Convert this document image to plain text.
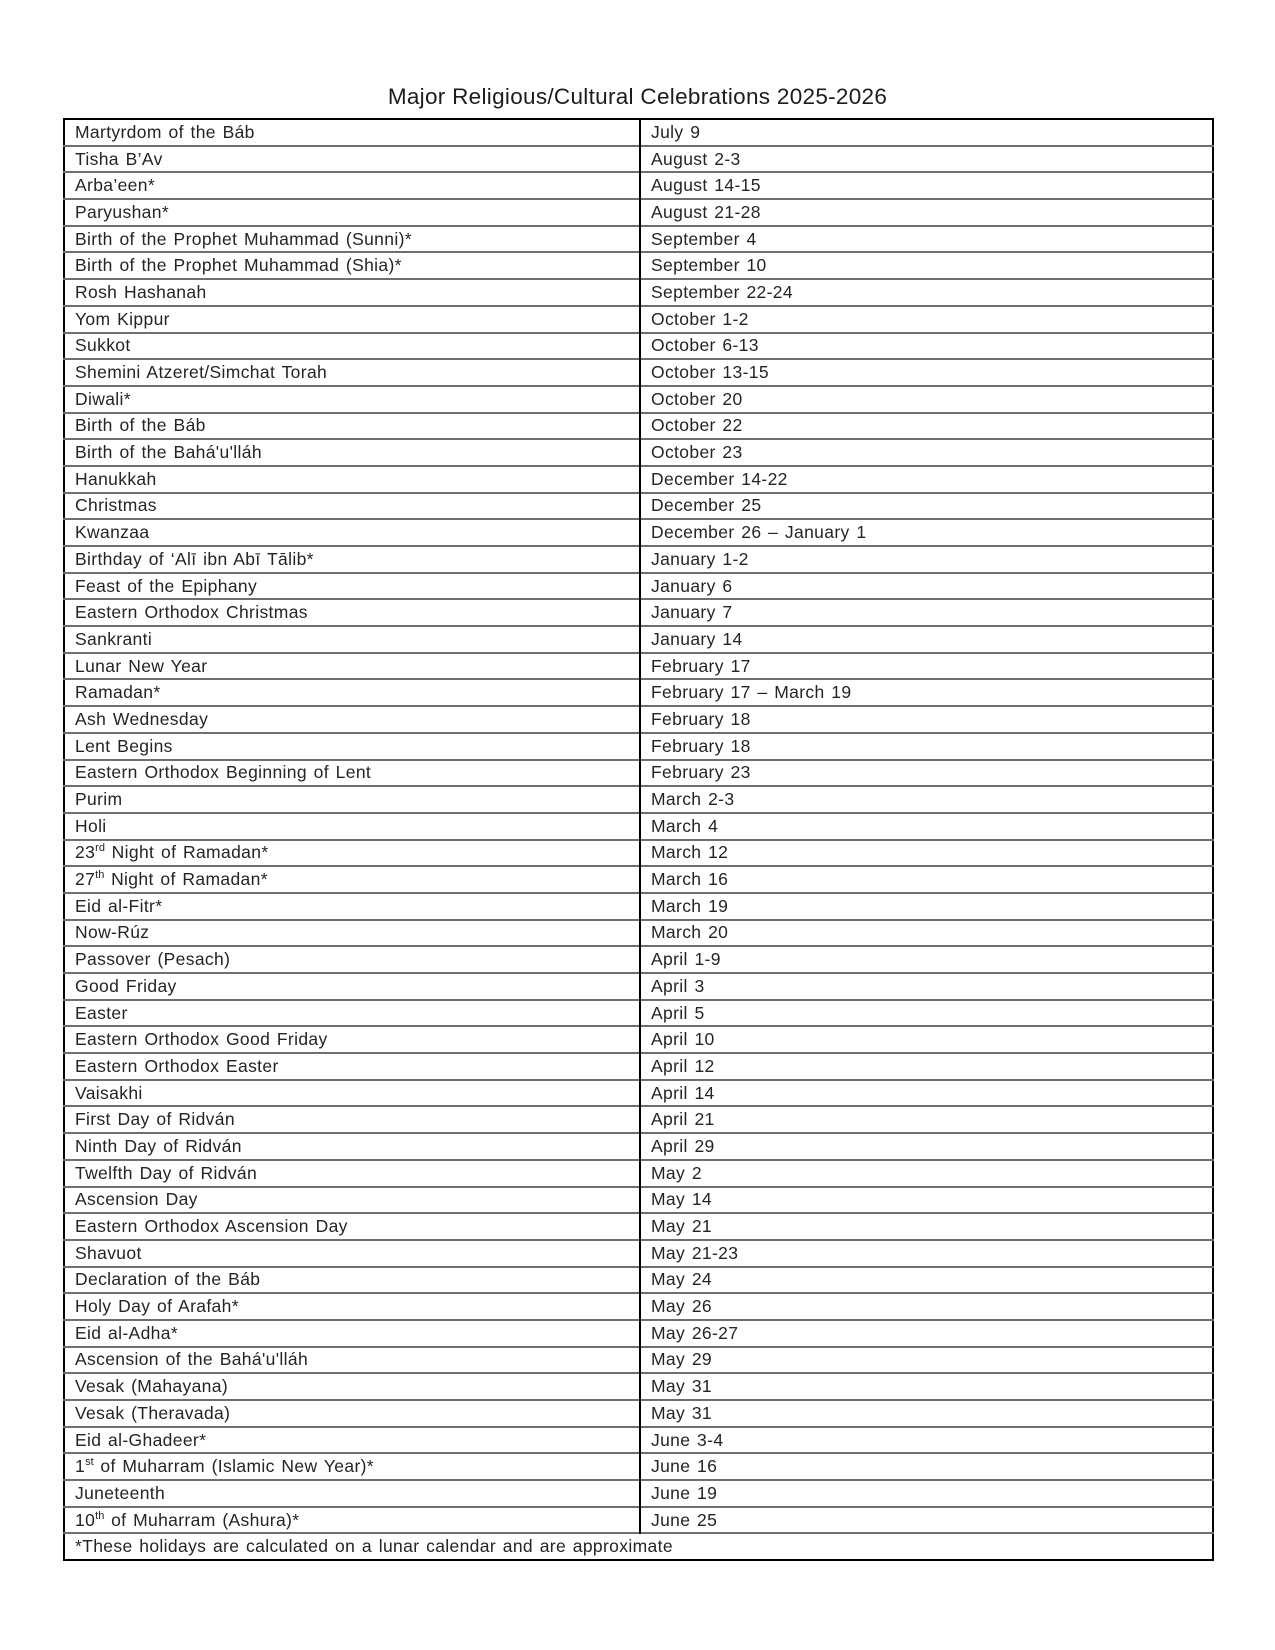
Major Religious/Cultural Celebrations 2025-2026
Martyrdom of the Báb	July 9
Tisha B’Av	August 2-3
Arba’een*	August 14-15
Paryushan*	August 21-28
Birth of the Prophet Muhammad (Sunni)*	September 4
Birth of the Prophet Muhammad (Shia)*	September 10
Rosh Hashanah	September 22-24
Yom Kippur	October 1-2
Sukkot	October 6-13
Shemini Atzeret/Simchat Torah	October 13-15
Diwali*	October 20
Birth of the Báb	October 22
Birth of the Bahá'u'lláh	October 23
Hanukkah	December 14-22
Christmas	December 25
Kwanzaa	December 26 – January 1
Birthday of ‘Alī ibn Abī Tālib*	January 1-2
Feast of the Epiphany	January 6
Eastern Orthodox Christmas	January 7
Sankranti	January 14
Lunar New Year	February 17
Ramadan*	February 17 – March 19
Ash Wednesday	February 18
Lent Begins	February 18
Eastern Orthodox Beginning of Lent	February 23
Purim	March 2-3
Holi	March 4
23rd Night of Ramadan*	March 12
27th Night of Ramadan*	March 16
Eid al-Fitr*	March 19
Now-Rúz	March 20
Passover (Pesach)	April 1-9
Good Friday	April 3
Easter	April 5
Eastern Orthodox Good Friday	April 10
Eastern Orthodox Easter	April 12
Vaisakhi	April 14
First Day of Ridván	April 21
Ninth Day of Ridván	April 29
Twelfth Day of Ridván	May 2
Ascension Day	May 14
Eastern Orthodox Ascension Day	May 21
Shavuot	May 21-23
Declaration of the Báb	May 24
Holy Day of Arafah*	May 26
Eid al-Adha*	May 26-27
Ascension of the Bahá'u'lláh	May 29
Vesak (Mahayana)	May 31
Vesak (Theravada)	May 31
Eid al-Ghadeer*	June 3-4
1st of Muharram (Islamic New Year)*	June 16
Juneteenth	June 19
10th of Muharram (Ashura)*	June 25
*These holidays are calculated on a lunar calendar and are approximate	
